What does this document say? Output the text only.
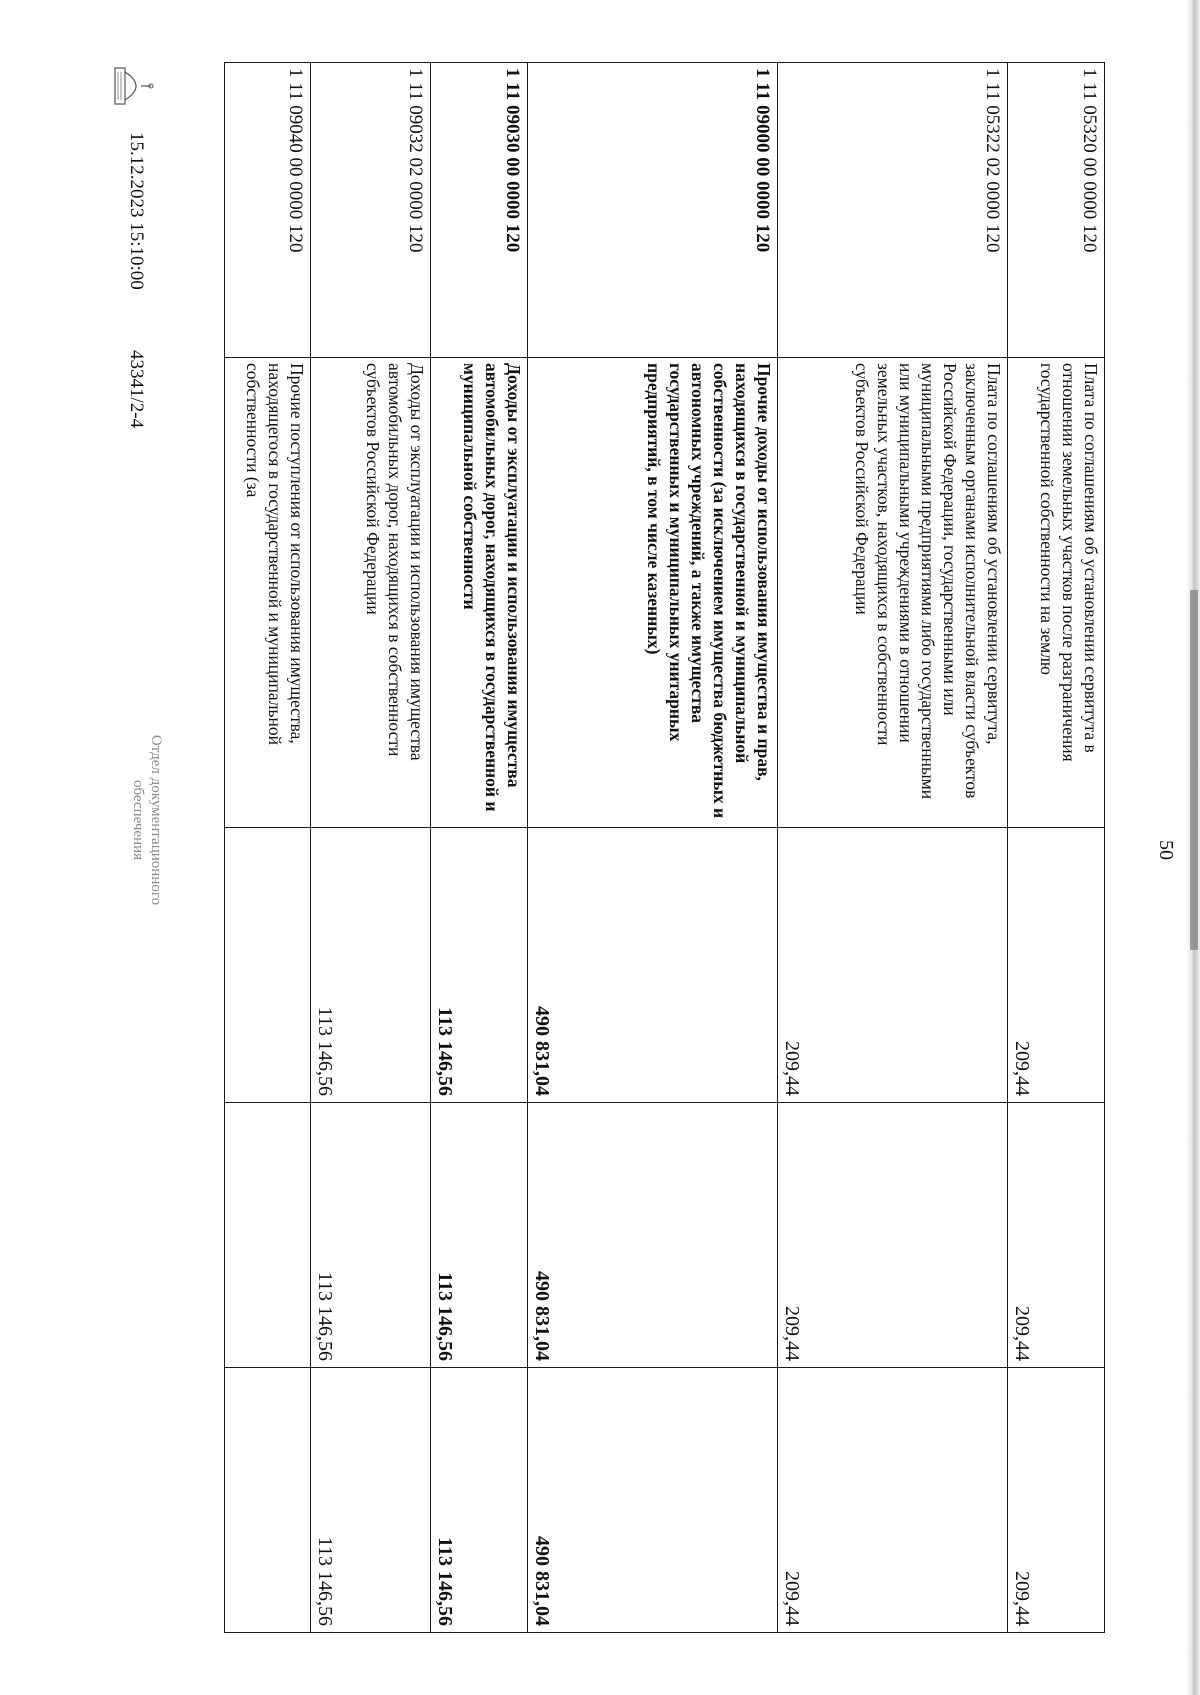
50
1 11 05320 00 0000 120	Плата по соглашениям об установлении сервитута в отношении земельных участков после разграничения государственной собственности на землю	209,44	209,44	209,44
1 11 05322 02 0000 120	Плата по соглашениям об установлении сервитута, заключенным органами исполнительной власти субъектов Российской Федерации, государственными или муниципальными предприятиями либо государственными или муниципальными учреждениями в отношении земельных участков, находящихся в собственности субъектов Российской Федерации	209,44	209,44	209,44
1 11 09000 00 0000 120	Прочие доходы от использования имущества и прав, находящихся в государственной и муниципальной собственности (за исключением имущества бюджетных и автономных учреждений, а также имущества государственных и муниципальных унитарных предприятий, в том числе казенных)	490 831,04	490 831,04	490 831,04
1 11 09030 00 0000 120	Доходы от эксплуатации и использования имущества автомобильных дорог, находящихся в государственной и муниципальной собственности	113 146,56	113 146,56	113 146,56
1 11 09032 02 0000 120	Доходы от эксплуатации и использования имущества автомобильных дорог, находящихся в собственности субъектов Российской Федерации	113 146,56	113 146,56	113 146,56
1 11 09040 00 0000 120	Прочие поступления от использования имущества, находящегося в государственной и муниципальной собственности (за			
15.12.2023 15:10:00
43341/2-4
Отдел документационного
обеспечения
